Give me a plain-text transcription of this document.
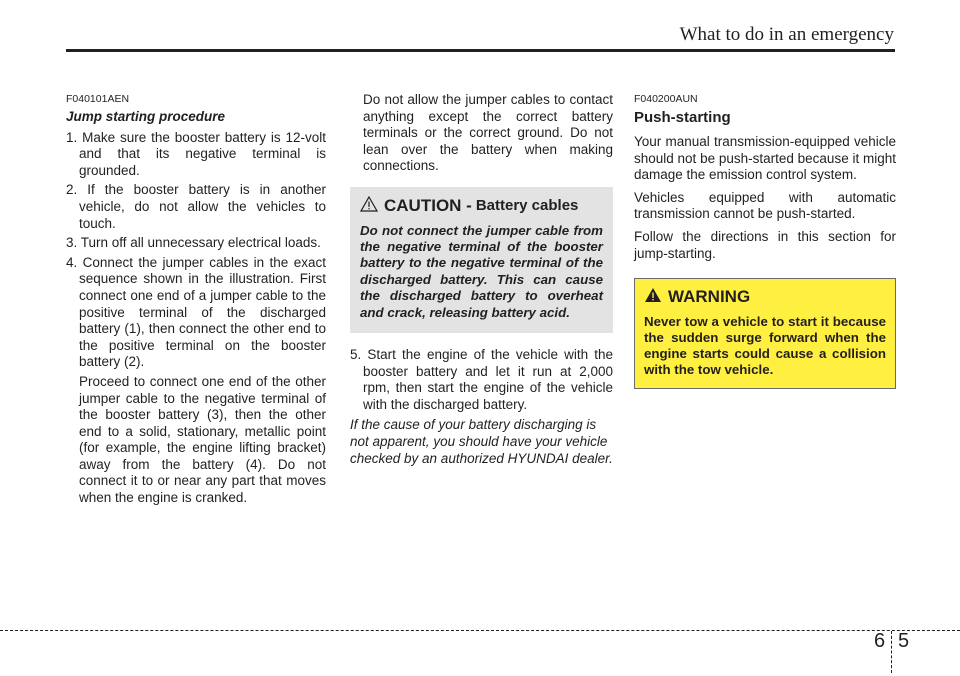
What to do in an emergency

F040101AEN

Jump starting procedure

1. Make sure the booster battery is 12-volt and that its negative terminal is grounded.
2. If the booster battery is in another vehicle, do not allow the vehicles to touch.
3. Turn off all unnecessary electrical loads.
4. Connect the jumper cables in the exact sequence shown in the illustration. First connect one end of a jumper cable to the positive terminal of the discharged battery (1), then connect the other end to the positive terminal on the booster battery (2).

Proceed to connect one end of the other jumper cable to the negative terminal of the booster battery (3), then the other end to a solid, stationary, metallic point (for example, the engine lifting bracket) away from the battery (4). Do not connect it to or near any part that moves when the engine is cranked.

Do not allow the jumper cables to contact anything except the correct battery terminals or the correct ground. Do not lean over the battery when making connections.

CAUTION - Battery cables

Do not connect the jumper cable from the negative terminal of the booster battery to the negative terminal of the discharged battery. This can cause the discharged battery to overheat and crack, releasing battery acid.

5. Start the engine of the vehicle with the booster battery and let it run at 2,000 rpm, then start the engine of the vehicle with the discharged battery.

If the cause of your battery discharging is not apparent, you should have your vehicle checked by an authorized HYUNDAI dealer.

F040200AUN

Push-starting

Your manual transmission-equipped vehicle should not be push-started because it might damage the emission control system.

Vehicles equipped with automatic transmission cannot be push-started.

Follow the directions in this section for jump-starting.

WARNING

Never tow a vehicle to start it because the sudden surge forward when the engine starts could cause a collision with the tow vehicle.

6 5
